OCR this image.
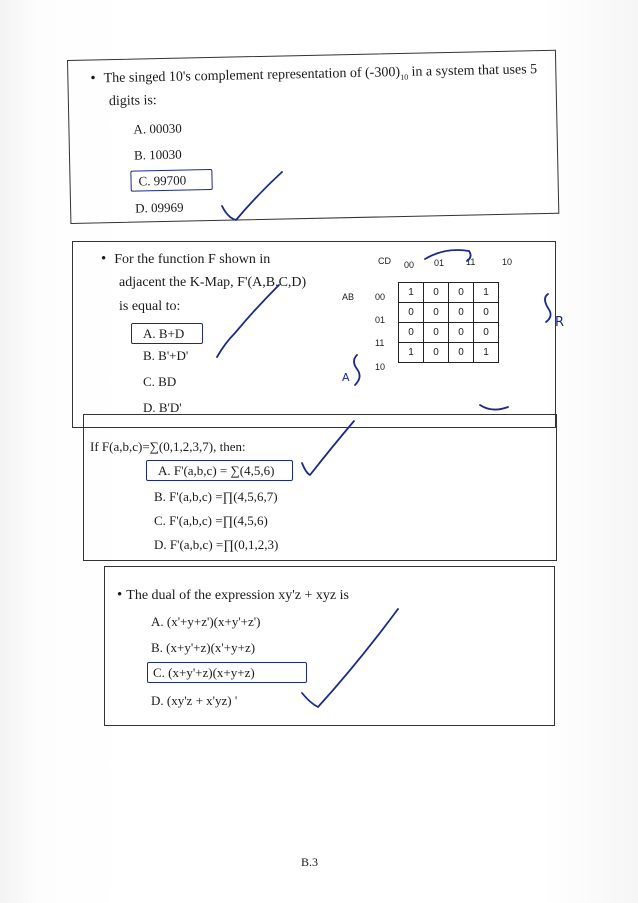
• The singed 10's complement representation of $(-300)_{10}$ in a system that uses 5
digits is:
A. 00030
B. 10030
C. 99700
D. 09969
• For the function F shown in
adjacent the K-Map, F'(A,B,C,D)
is equal to:
A. B+D
B. B'+D'
C. BD
D. B'D'
CD
AB
00 01 11	10
00
01
11
10
1	0	0	1
0	0	0	0
0	0	0	0
1	0	0	1
If F(a,b,c)=∑(0,1,2,3,7), then:
A. F'(a,b,c) = ∑(4,5,6)
B. F'(a,b,c) =∏(4,5,6,7)
C. F'(a,b,c) =∏(4,5,6)
D. F'(a,b,c) =∏(0,1,2,3)
• The dual of the expression xy'z + xyz is
A. (x'+y+z')(x+y'+z')
B. (x+y'+z)(x'+y+z)
C. (x+y'+z)(x+y+z)
D. (xy'z + x'yz) '
A
R
B.3
